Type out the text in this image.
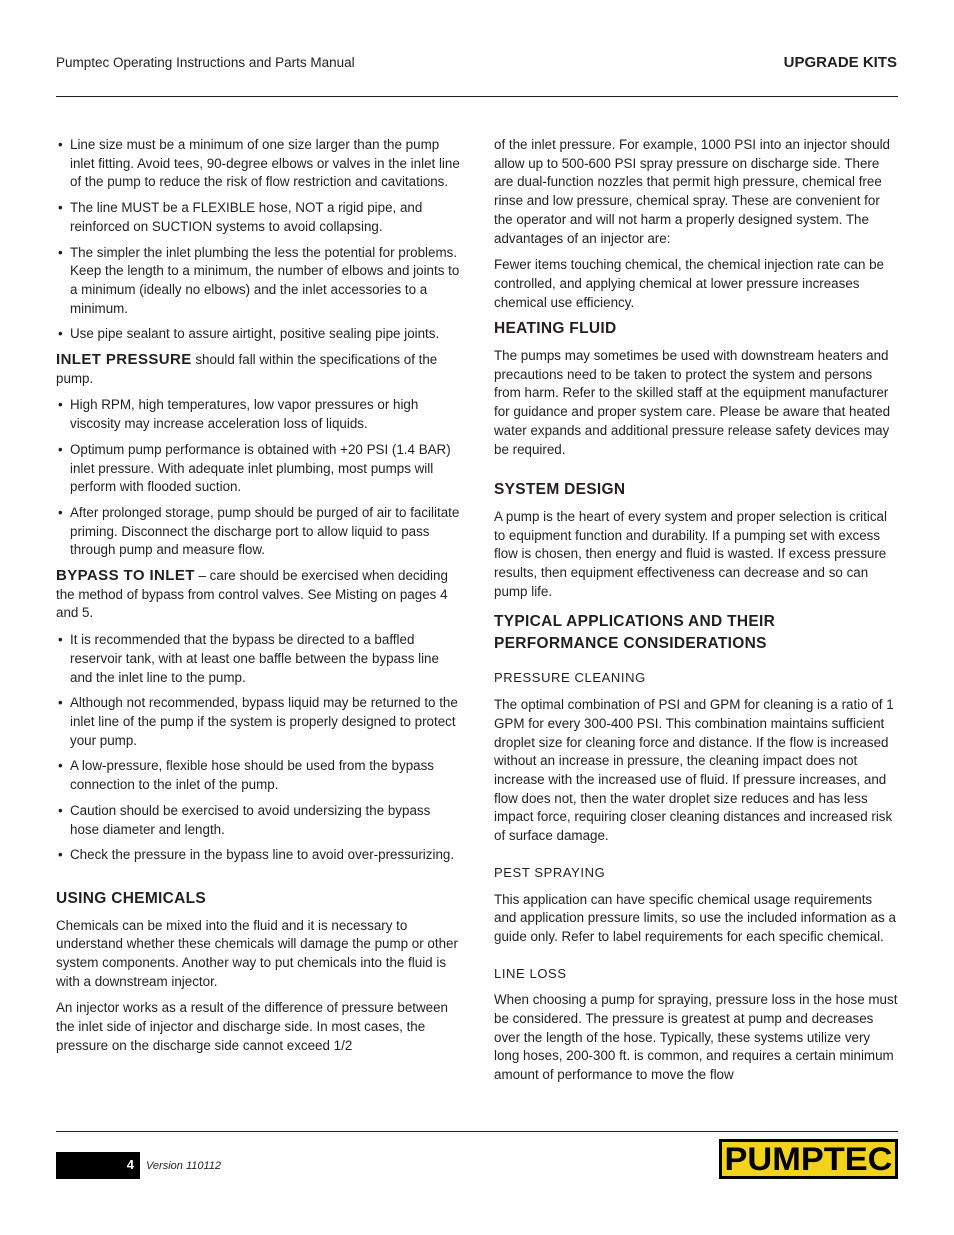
Pumptec Operating Instructions and Parts Manual	UPGRADE KITS
• Line size must be a minimum of one size larger than the pump inlet fitting. Avoid tees, 90-degree elbows or valves in the inlet line of the pump to reduce the risk of flow restriction and cavitations.
• The line MUST be a FLEXIBLE hose, NOT a rigid pipe, and reinforced on SUCTION systems to avoid collapsing.
• The simpler the inlet plumbing the less the potential for problems. Keep the length to a minimum, the number of elbows and joints to a minimum (ideally no elbows) and the inlet accessories to a minimum.
• Use pipe sealant to assure airtight, positive sealing pipe joints.

INLET PRESSURE should fall within the specifications of the pump.

• High RPM, high temperatures, low vapor pressures or high viscosity may increase acceleration loss of liquids.
• Optimum pump performance is obtained with +20 PSI (1.4 BAR) inlet pressure. With adequate inlet plumbing, most pumps will perform with flooded suction.
• After prolonged storage, pump should be purged of air to facilitate priming. Disconnect the discharge port to allow liquid to pass through pump and measure flow.

BYPASS TO INLET – care should be exercised when deciding the method of bypass from control valves. See Misting on pages 4 and 5.

• It is recommended that the bypass be directed to a baffled reservoir tank, with at least one baffle between the bypass line and the inlet line to the pump.
• Although not recommended, bypass liquid may be returned to the inlet line of the pump if the system is properly designed to protect your pump.
• A low-pressure, flexible hose should be used from the bypass connection to the inlet of the pump.
• Caution should be exercised to avoid undersizing the bypass hose diameter and length.
• Check the pressure in the bypass line to avoid over-pressurizing.
USING CHEMICALS

Chemicals can be mixed into the fluid and it is necessary to understand whether these chemicals will damage the pump or other system components. Another way to put chemicals into the fluid is with a downstream injector.

An injector works as a result of the difference of pressure between the inlet side of injector and discharge side. In most cases, the pressure on the discharge side cannot exceed 1/2

of the inlet pressure. For example, 1000 PSI into an injector should allow up to 500-600 PSI spray pressure on discharge side. There are dual-function nozzles that permit high pressure, chemical free rinse and low pressure, chemical spray. These are convenient for the operator and will not harm a properly designed system. The advantages of an injector are:

Fewer items touching chemical, the chemical injection rate can be controlled, and applying chemical at lower pressure increases chemical use efficiency.

HEATING FLUID

The pumps may sometimes be used with downstream heaters and precautions need to be taken to protect the system and persons from harm. Refer to the skilled staff at the equipment manufacturer for guidance and proper system care. Please be aware that heated water expands and additional pressure release safety devices may be required.

SYSTEM DESIGN

A pump is the heart of every system and proper selection is critical to equipment function and durability. If a pumping set with excess flow is chosen, then energy and fluid is wasted. If excess pressure results, then equipment effectiveness can decrease and so can pump life.

TYPICAL APPLICATIONS AND THEIR PERFORMANCE CONSIDERATIONS
PRESSURE CLEANING

The optimal combination of PSI and GPM for cleaning is a ratio of 1 GPM for every 300-400 PSI. This combination maintains sufficient droplet size for cleaning force and distance. If the flow is increased without an increase in pressure, the cleaning impact does not increase with the increased use of fluid. If pressure increases, and flow does not, then the water droplet size reduces and has less impact force, requiring closer cleaning distances and increased risk of surface damage.

PEST SPRAYING

This application can have specific chemical usage requirements and application pressure limits, so use the included information as a guide only. Refer to label requirements for each specific chemical.

LINE LOSS

When choosing a pump for spraying, pressure loss in the hose must be considered. The pressure is greatest at pump and decreases over the length of the hose. Typically, these systems utilize very long hoses, 200-300 ft. is common, and requires a certain minimum amount of performance to move the flow

4 Version 110112	PUMPTEC
